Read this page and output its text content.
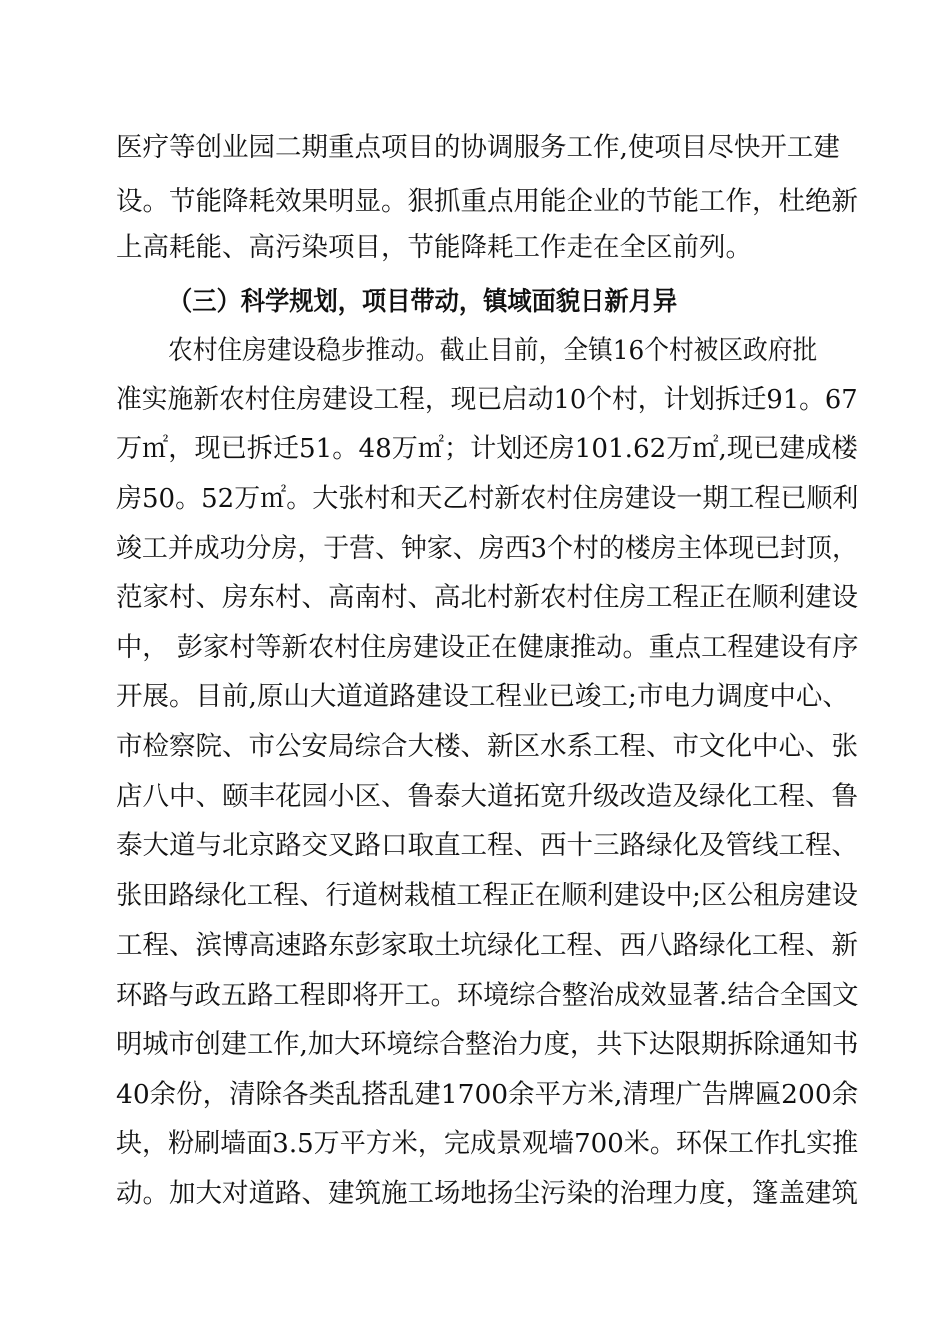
医疗等创业园二期重点项目的协调服务工作,使项目尽快开工建
设。节能降耗效果明显。狠抓重点用能企业的节能工作，杜绝新
上高耗能、高污染项目，节能降耗工作走在全区前列。
（三）科学规划，项目带动，镇域面貌日新月异
农村住房建设稳步推动。截止目前，全镇16个村被区政府批
准实施新农村住房建设工程，现已启动10个村，计划拆迁91。67
万㎡，现已拆迁51。48万㎡；计划还房101.62万㎡,现已建成楼
房50。52万㎡。大张村和天乙村新农村住房建设一期工程已顺利
竣工并成功分房，于营、钟家、房西3个村的楼房主体现已封顶，
范家村、房东村、高南村、高北村新农村住房工程正在顺利建设
中， 彭家村等新农村住房建设正在健康推动。重点工程建设有序
开展。目前,原山大道道路建设工程业已竣工;市电力调度中心、
市检察院、市公安局综合大楼、新区水系工程、市文化中心、张
店八中、颐丰花园小区、鲁泰大道拓宽升级改造及绿化工程、鲁
泰大道与北京路交叉路口取直工程、西十三路绿化及管线工程、
张田路绿化工程、行道树栽植工程正在顺利建设中;区公租房建设
工程、滨博高速路东彭家取土坑绿化工程、西八路绿化工程、新
环路与政五路工程即将开工。环境综合整治成效显著.结合全国文
明城市创建工作,加大环境综合整治力度，共下达限期拆除通知书
40余份，清除各类乱搭乱建1700余平方米,清理广告牌匾200余
块，粉刷墙面3.5万平方米，完成景观墙700米。环保工作扎实推
动。加大对道路、建筑施工场地扬尘污染的治理力度，篷盖建筑
